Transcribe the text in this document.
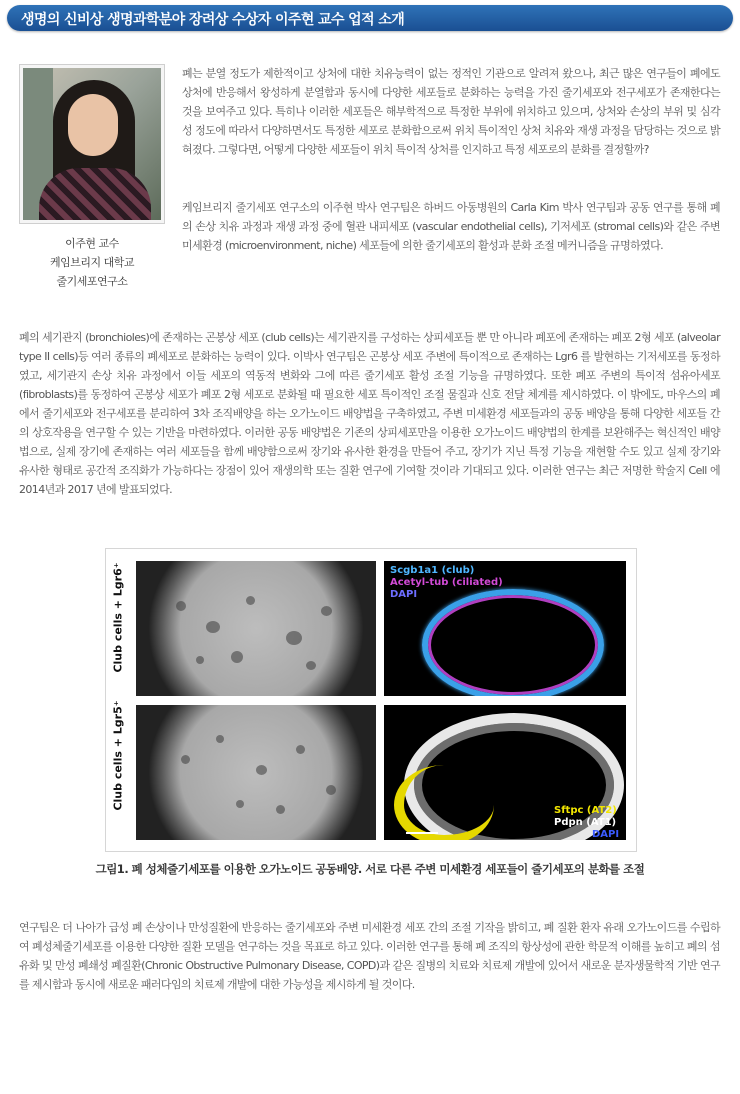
생명의 신비상 생명과학분야 장려상 수상자 이주현 교수 업적 소개
이주현 교수
케임브리지 대학교
줄기세포연구소

폐는 분열 정도가 제한적이고 상처에 대한 치유능력이 없는 정적인 기관으로 알려져 왔으나, 최근 많은 연구들이 폐에도 상처에 반응해서 왕성하게 분열함과 동시에 다양한 세포들로 분화하는 능력을 가진 줄기세포와 전구세포가 존재한다는 것을 보여주고 있다. 특히나 이러한 세포들은 해부학적으로 특정한 부위에 위치하고 있으며, 상처와 손상의 부위 및 심각성 정도에 따라서 다양하면서도 특정한 세포로 분화함으로써 위치 특이적인 상처 치유와 재생 과정을 담당하는 것으로 밝혀졌다. 그렇다면, 어떻게 다양한 세포들이 위치 특이적 상처를 인지하고 특정 세포로의 분화를 결정할까?

케임브리지 줄기세포 연구소의 이주현 박사 연구팀은 하버드 아동병원의 Carla Kim 박사 연구팀과 공동 연구를 통해 폐의 손상 치유 과정과 재생 과정 중에 혈관 내피세포 (vascular endothelial cells), 기저세포 (stromal cells)와 같은 주변 미세환경 (microenvironment, niche) 세포들에 의한 줄기세포의 활성과 분화 조절 메커니즘을 규명하였다.

폐의 세기관지 (bronchioles)에 존재하는 곤봉상 세포 (club cells)는 세기관지를 구성하는 상피세포들 뿐 만 아니라 폐포에 존재하는 폐포 2형 세포 (alveolar type II cells)등 여러 종류의 폐세포로 분화하는 능력이 있다. 이박사 연구팀은 곤봉상 세포 주변에 특이적으로 존재하는 Lgr6 를 발현하는 기저세포를 동정하였고, 세기관지 손상 치유 과정에서 이들 세포의 역동적 변화와 그에 따른 줄기세포 활성 조절 기능을 규명하였다. 또한 폐포 주변의 특이적 섬유아세포 (fibroblasts)를 동정하여 곤봉상 세포가 폐포 2형 세포로 분화될 때 필요한 세포 특이적인 조절 물질과 신호 전달 체계를 제시하였다. 이 밖에도, 마우스의 폐에서 줄기세포와 전구세포를 분리하여 3차 조직배양을 하는 오가노이드 배양법을 구축하였고, 주변 미세환경 세포들과의 공동 배양을 통해 다양한 세포들 간의 상호작용을 연구할 수 있는 기반을 마련하였다. 이러한 공동 배양법은 기존의 상피세포만을 이용한 오가노이드 배양법의 한계를 보완해주는 혁신적인 배양법으로, 실제 장기에 존재하는 여러 세포들을 함께 배양함으로써 장기와 유사한 환경을 만들어 주고, 장기가 지닌 특정 기능을 재현할 수도 있고 실제 장기와 유사한 형태로 공간적 조직화가 가능하다는 장점이 있어 재생의학 또는 질환 연구에 기여할 것이라 기대되고 있다. 이러한 연구는 최근 저명한 학술지 Cell 에 2014년과 2017 년에 발표되었다.

Club cells + Lgr6⁺
Club cells + Lgr5⁺
Scgb1a1 (club)
Acetyl-tub (ciliated)
DAPI
Sftpc (AT2)
Pdpn (AT1)
DAPI
그림1. 폐 성체줄기세포를 이용한 오가노이드 공동배양. 서로 다른 주변 미세환경 세포들이 줄기세포의 분화를 조절

연구팀은 더 나아가 급성 폐 손상이나 만성질환에 반응하는 줄기세포와 주변 미세환경 세포 간의 조절 기작을 밝히고, 폐 질환 환자 유래 오가노이드를 수립하여 폐성체줄기세포를 이용한 다양한 질환 모델을 연구하는 것을 목표로 하고 있다. 이러한 연구를 통해 폐 조직의 항상성에 관한 학문적 이해를 높히고 폐의 섬유화 및 만성 폐쇄성 폐질환(Chronic Obstructive Pulmonary Disease, COPD)과 같은 질병의 치료와 치료제 개발에 있어서 새로운 분자생물학적 기반 연구를 제시함과 동시에 새로운 패러다임의 치료제 개발에 대한 가능성을 제시하게 될 것이다.
